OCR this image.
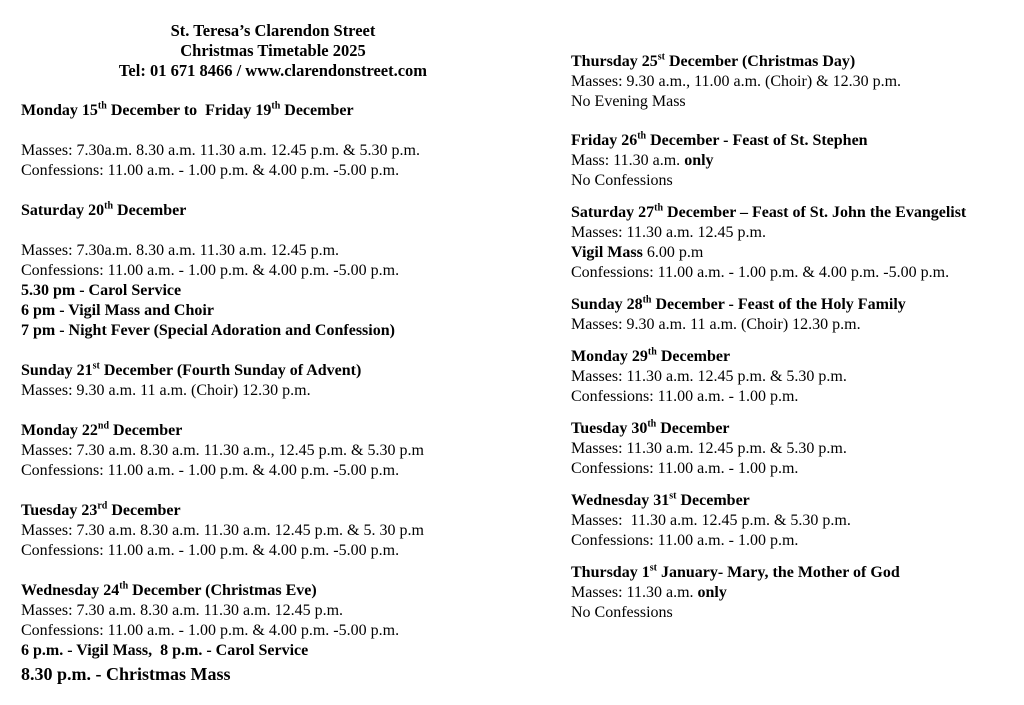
St. Teresa’s Clarendon Street

Christmas Timetable 2025

Tel: 01 671 8466 / www.clarendonstreet.com

Monday 15th December to  Friday 19th December

Masses: 7.30a.m. 8.30 a.m. 11.30 a.m. 12.45 p.m. & 5.30 p.m.

Confessions: 11.00 a.m. - 1.00 p.m. & 4.00 p.m. -5.00 p.m.

Saturday 20th December

Masses: 7.30a.m. 8.30 a.m. 11.30 a.m. 12.45 p.m.

Confessions: 11.00 a.m. - 1.00 p.m. & 4.00 p.m. -5.00 p.m.

5.30 pm - Carol Service

6 pm - Vigil Mass and Choir

7 pm - Night Fever (Special Adoration and Confession)

Sunday 21st December (Fourth Sunday of Advent)

Masses: 9.30 a.m. 11 a.m. (Choir) 12.30 p.m.

Monday 22nd December

Masses: 7.30 a.m. 8.30 a.m. 11.30 a.m., 12.45 p.m. & 5.30 p.m

Confessions: 11.00 a.m. - 1.00 p.m. & 4.00 p.m. -5.00 p.m.

Tuesday 23rd December

Masses: 7.30 a.m. 8.30 a.m. 11.30 a.m. 12.45 p.m. & 5. 30 p.m

Confessions: 11.00 a.m. - 1.00 p.m. & 4.00 p.m. -5.00 p.m.

Wednesday 24th December (Christmas Eve)

Masses: 7.30 a.m. 8.30 a.m. 11.30 a.m. 12.45 p.m.

Confessions: 11.00 a.m. - 1.00 p.m. & 4.00 p.m. -5.00 p.m.

6 p.m. - Vigil Mass,  8 p.m. - Carol Service

8.30 p.m. - Christmas Mass

Thursday 25st December (Christmas Day)

Masses: 9.30 a.m., 11.00 a.m. (Choir) & 12.30 p.m.

No Evening Mass

Friday 26th December - Feast of St. Stephen

Mass: 11.30 a.m. only

No Confessions

Saturday 27th December – Feast of St. John the Evangelist

Masses: 11.30 a.m. 12.45 p.m.

Vigil Mass 6.00 p.m

Confessions: 11.00 a.m. - 1.00 p.m. & 4.00 p.m. -5.00 p.m.

Sunday 28th December - Feast of the Holy Family

Masses: 9.30 a.m. 11 a.m. (Choir) 12.30 p.m.

Monday 29th December

Masses: 11.30 a.m. 12.45 p.m. & 5.30 p.m.

Confessions: 11.00 a.m. - 1.00 p.m.

Tuesday 30th December

Masses: 11.30 a.m. 12.45 p.m. & 5.30 p.m.

Confessions: 11.00 a.m. - 1.00 p.m.

Wednesday 31st December

Masses:  11.30 a.m. 12.45 p.m. & 5.30 p.m.

Confessions: 11.00 a.m. - 1.00 p.m.

Thursday 1st January- Mary, the Mother of God

Masses: 11.30 a.m. only

No Confessions
